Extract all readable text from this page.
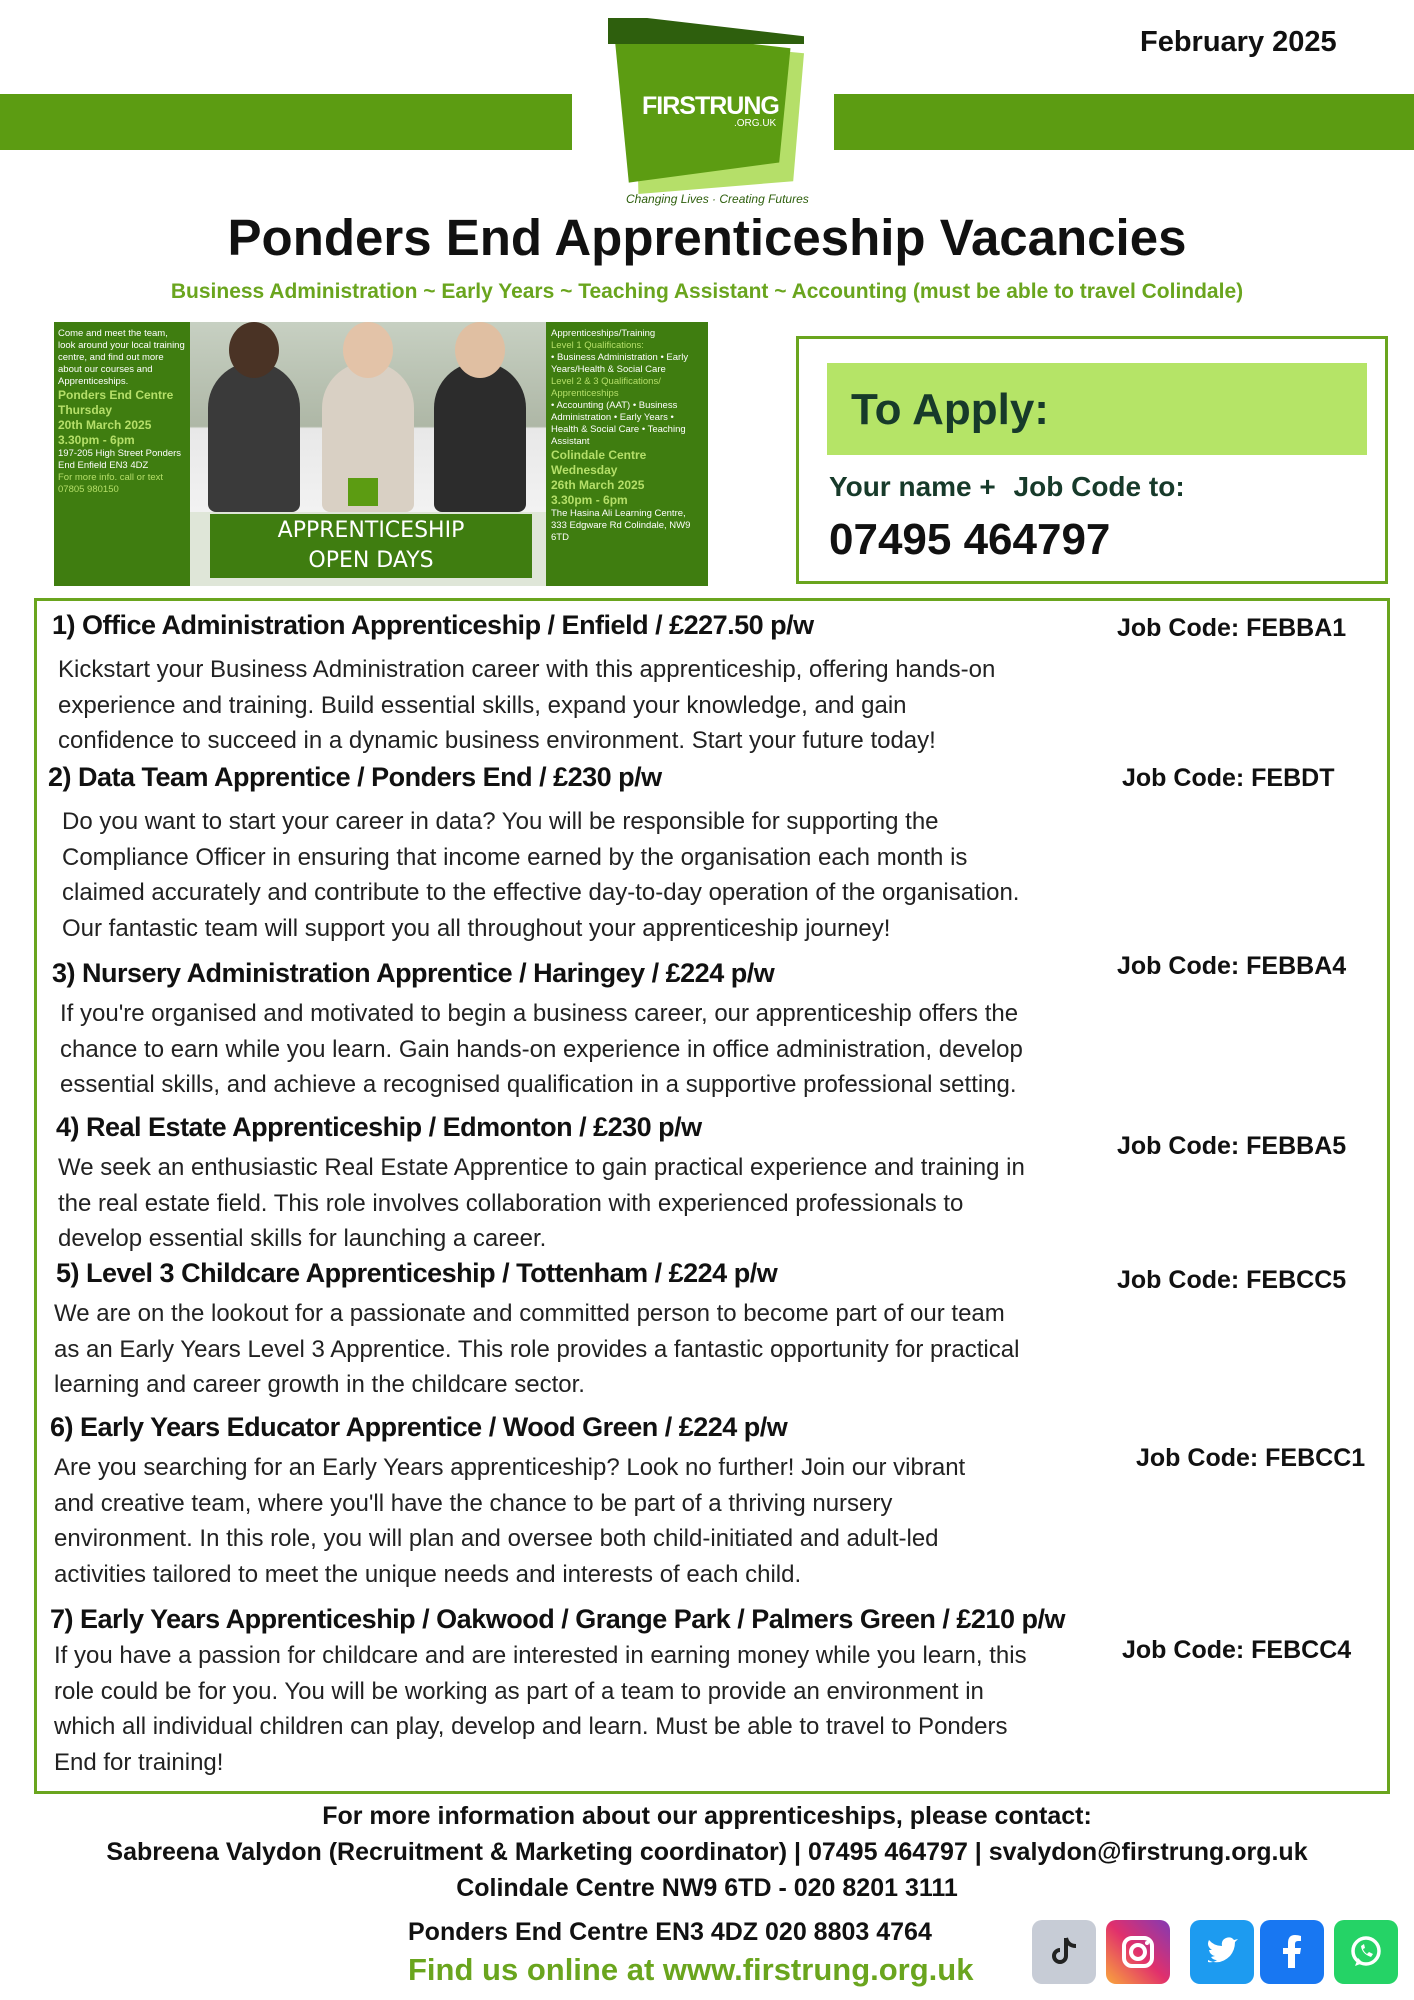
February 2025
FIRSTRUNG
.ORG.UK
Changing Lives · Creating Futures
Ponders End Apprenticeship Vacancies
Business Administration ~ Early Years ~ Teaching Assistant ~ Accounting (must be able to travel Colindale)
Come and meet the team, look around your local training centre, and find out more about our courses and Apprenticeships.
Ponders End Centre
Thursday
20th March 2025
3.30pm - 6pm
197-205 High Street Ponders End Enfield EN3 4DZ
For more info. call or text 07805 980150
APPRENTICESHIP
OPEN DAYS
Apprenticeships/Training
Level 1 Qualifications:
• Business Administration • Early Years/Health & Social Care
Level 2 & 3 Qualifications/ Apprenticeships
• Accounting (AAT) • Business Administration • Early Years • Health & Social Care • Teaching Assistant
Colindale Centre
Wednesday
26th March 2025
3.30pm - 6pm
The Hasina Ali Learning Centre, 333 Edgware Rd Colindale, NW9 6TD
To Apply:
Your name + Job Code to:
07495 464797
1) Office Administration Apprenticeship / Enfield / £227.50 p/w	Job Code: FEBBA1
Kickstart your Business Administration career with this apprenticeship, offering hands-on
experience and training. Build essential skills, expand your knowledge, and gain
confidence to succeed in a dynamic business environment. Start your future today!
2) Data Team Apprentice / Ponders End / £230 p/w	Job Code: FEBDT
Do you want to start your career in data? You will be responsible for supporting the
Compliance Officer in ensuring that income earned by the organisation each month is
claimed accurately and contribute to the effective day-to-day operation of the organisation.
Our fantastic team will support you all throughout your apprenticeship journey!
3) Nursery Administration Apprentice / Haringey / £224 p/w	Job Code: FEBBA4
If you're organised and motivated to begin a business career, our apprenticeship offers the
chance to earn while you learn. Gain hands-on experience in office administration, develop
essential skills, and achieve a recognised qualification in a supportive professional setting.
4) Real Estate Apprenticeship / Edmonton / £230 p/w
Job Code: FEBBA5
We seek an enthusiastic Real Estate Apprentice to gain practical experience and training in
the real estate field. This role involves collaboration with experienced professionals to
develop essential skills for launching a career.
5) Level 3 Childcare Apprenticeship / Tottenham / £224 p/w	Job Code: FEBCC5
We are on the lookout for a passionate and committed person to become part of our team
as an Early Years Level 3 Apprentice. This role provides a fantastic opportunity for practical
learning and career growth in the childcare sector.
6) Early Years Educator Apprentice / Wood Green / £224 p/w
Job Code: FEBCC1
Are you searching for an Early Years apprenticeship? Look no further! Join our vibrant
and creative team, where you'll have the chance to be part of a thriving nursery
environment. In this role, you will plan and oversee both child-initiated and adult-led
activities tailored to meet the unique needs and interests of each child.
7) Early Years Apprenticeship / Oakwood / Grange Park / Palmers Green / £210 p/w
Job Code: FEBCC4
If you have a passion for childcare and are interested in earning money while you learn, this
role could be for you. You will be working as part of a team to provide an environment in
which all individual children can play, develop and learn. Must be able to travel to Ponders
End for training!
For more information about our apprenticeships, please contact:
Sabreena Valydon (Recruitment & Marketing coordinator) | 07495 464797 | svalydon@firstrung.org.uk
Colindale Centre NW9 6TD - 020 8201 3111
Ponders End Centre EN3 4DZ 020 8803 4764
Find us online at www.firstrung.org.uk
